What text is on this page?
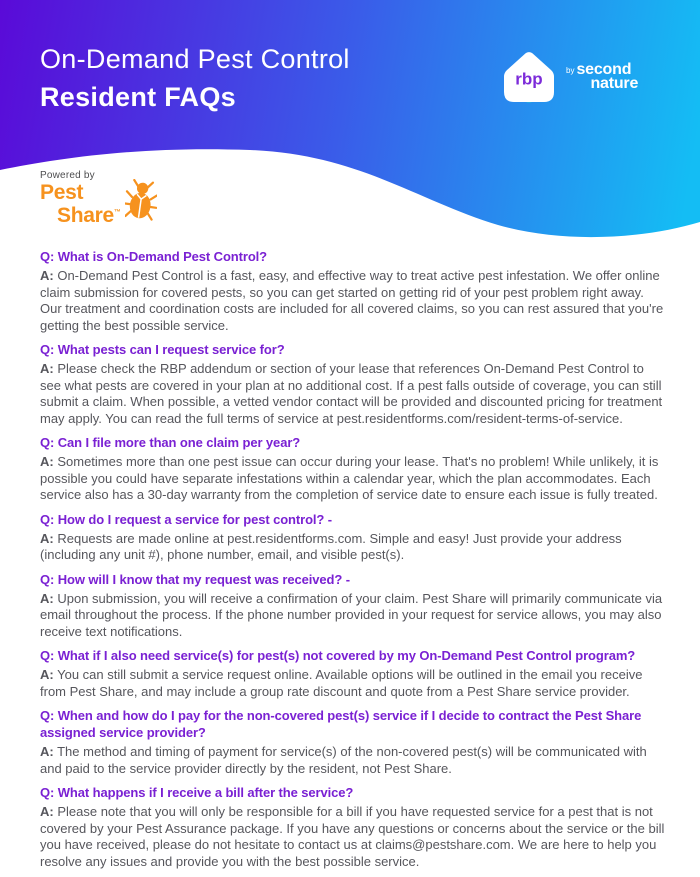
On-Demand Pest Control
Resident FAQs
rbp	by second
nature
Powered by
Pest
Share™
Q: What is On-Demand Pest Control?

A: On-Demand Pest Control is a fast, easy, and effective way to treat active pest infestation. We offer online claim submission for covered pests, so you can get started on getting rid of your pest problem right away. Our treatment and coordination costs are included for all covered claims, so you can rest assured that you're getting the best possible service.

Q: What pests can I request service for?

A: Please check the RBP addendum or section of your lease that references On-Demand Pest Control to see what pests are covered in your plan at no additional cost. If a pest falls outside of coverage, you can still submit a claim. When possible, a vetted vendor contact will be provided and discounted pricing for treatment may apply. You can read the full terms of service at pest.residentforms.com/resident-terms-of-service.

Q: Can I file more than one claim per year?

A: Sometimes more than one pest issue can occur during your lease. That's no problem! While unlikely, it is possible you could have separate infestations within a calendar year, which the plan accommodates. Each service also has a 30-day warranty from the completion of service date to ensure each issue is fully treated.

Q: How do I request a service for pest control? -

A: Requests are made online at pest.residentforms.com. Simple and easy! Just provide your address (including any unit #), phone number, email, and visible pest(s).

Q: How will I know that my request was received? -

A: Upon submission, you will receive a confirmation of your claim. Pest Share will primarily communicate via email throughout the process. If the phone number provided in your request for service allows, you may also receive text notifications.

Q: What if I also need service(s) for pest(s) not covered by my On-Demand Pest Control program?

A: You can still submit a service request online. Available options will be outlined in the email you receive from Pest Share, and may include a group rate discount and quote from a Pest Share service provider.

Q: When and how do I pay for the non-covered pest(s) service if I decide to contract the Pest Share assigned service provider?

A: The method and timing of payment for service(s) of the non-covered pest(s) will be communicated with and paid to the service provider directly by the resident, not Pest Share.

Q: What happens if I receive a bill after the service?

A: Please note that you will only be responsible for a bill if you have requested service for a pest that is not covered by your Pest Assurance package. If you have any questions or concerns about the service or the bill you have received, please do not hesitate to contact us at claims@pestshare.com. We are here to help you resolve any issues and provide you with the best possible service.
